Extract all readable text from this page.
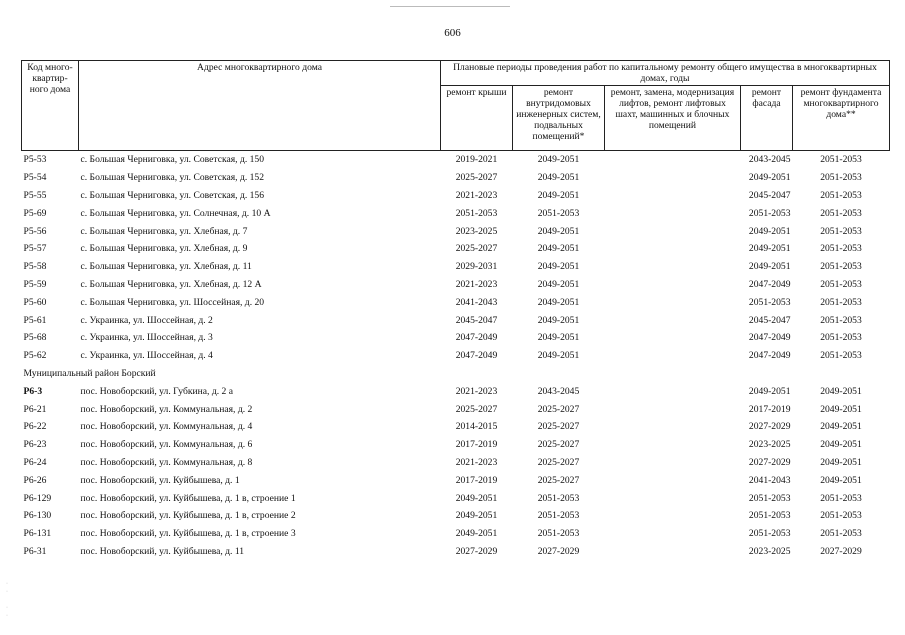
606
Код много-квартир-ного дома	Адрес многоквартирного дома	Плановые периоды проведения работ по капитальному ремонту общего имущества в многоквартирных домах, годы				
		ремонт крыши	ремонт внутридомовых инженерных систем, подвальных помещений*	ремонт, замена, модернизация лифтов, ремонт лифтовых шахт, машинных и блочных помещений	ремонт фасада	ремонт фундамента многоквартирного дома**
Р5-53	с. Большая Черниговка, ул. Советская, д. 150	2019-2021	2049-2051		2043-2045	2051-2053
Р5-54	с. Большая Черниговка, ул. Советская, д. 152	2025-2027	2049-2051		2049-2051	2051-2053
Р5-55	с. Большая Черниговка, ул. Советская, д. 156	2021-2023	2049-2051		2045-2047	2051-2053
Р5-69	с. Большая Черниговка, ул. Солнечная, д. 10 А	2051-2053	2051-2053		2051-2053	2051-2053
Р5-56	с. Большая Черниговка, ул. Хлебная, д. 7	2023-2025	2049-2051		2049-2051	2051-2053
Р5-57	с. Большая Черниговка, ул. Хлебная, д. 9	2025-2027	2049-2051		2049-2051	2051-2053
Р5-58	с. Большая Черниговка, ул. Хлебная, д. 11	2029-2031	2049-2051		2049-2051	2051-2053
Р5-59	с. Большая Черниговка, ул. Хлебная, д. 12 А	2021-2023	2049-2051		2047-2049	2051-2053
Р5-60	с. Большая Черниговка, ул. Шоссейная, д. 20	2041-2043	2049-2051		2051-2053	2051-2053
Р5-61	с. Украинка, ул. Шоссейная, д. 2	2045-2047	2049-2051		2045-2047	2051-2053
Р5-68	с. Украинка, ул. Шоссейная, д. 3	2047-2049	2049-2051		2047-2049	2051-2053
Р5-62	с. Украинка, ул. Шоссейная, д. 4	2047-2049	2049-2051		2047-2049	2051-2053
Муниципальный район Борский						
Р6-3	пос. Новоборский, ул. Губкина, д. 2 а	2021-2023	2043-2045		2049-2051	2049-2051
Р6-21	пос. Новоборский, ул. Коммунальная, д. 2	2025-2027	2025-2027		2017-2019	2049-2051
Р6-22	пос. Новоборский, ул. Коммунальная, д. 4	2014-2015	2025-2027		2027-2029	2049-2051
Р6-23	пос. Новоборский, ул. Коммунальная, д. 6	2017-2019	2025-2027		2023-2025	2049-2051
Р6-24	пос. Новоборский, ул. Коммунальная, д. 8	2021-2023	2025-2027		2027-2029	2049-2051
Р6-26	пос. Новоборский, ул. Куйбышева, д. 1	2017-2019	2025-2027		2041-2043	2049-2051
Р6-129	пос. Новоборский, ул. Куйбышева, д. 1 в, строение 1	2049-2051	2051-2053		2051-2053	2051-2053
Р6-130	пос. Новоборский, ул. Куйбышева, д. 1 в, строение 2	2049-2051	2051-2053		2051-2053	2051-2053
Р6-131	пос. Новоборский, ул. Куйбышева, д. 1 в, строение 3	2049-2051	2051-2053		2051-2053	2051-2053
Р6-31	пос. Новоборский, ул. Куйбышева, д. 11	2027-2029	2027-2029		2023-2025	2027-2029
·
·

·
·
